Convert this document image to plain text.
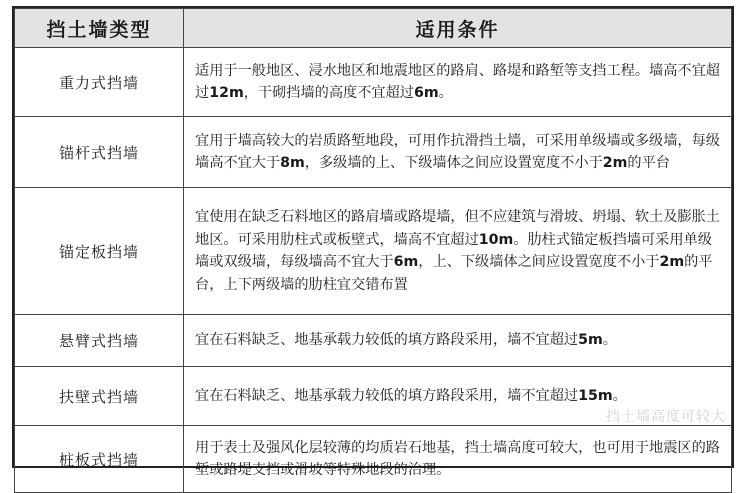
挡土墙类型	适用条件
重力式挡墙	适用于一般地区、浸水地区和地震地区的路肩、路堤和路堑等支挡工程。墙高不宜超过12m，干砌挡墙的高度不宜超过6m。
锚杆式挡墙	宜用于墙高较大的岩质路堑地段，可用作抗滑挡土墙，可采用单级墙或多级墙，每级墙高不宜大于8m，多级墙的上、下级墙体之间应设置宽度不小于2m的平台
锚定板挡墙	宜使用在缺乏石料地区的路肩墙或路堤墙，但不应建筑与滑坡、坍塌、软土及膨胀土地区。可采用肋柱式或板壁式，墙高不宜超过10m。肋柱式锚定板挡墙可采用单级墙或双级墙，每级墙高不宜大于6m，上、下级墙体之间应设置宽度不小于2m的平台，上下两级墙的肋柱宜交错布置
悬臂式挡墙	宜在石料缺乏、地基承载力较低的填方路段采用，墙不宜超过5m。
扶壁式挡墙	宜在石料缺乏、地基承载力较低的填方路段采用，墙不宜超过15m。
桩板式挡墙	用于表土及强风化层较薄的均质岩石地基，挡土墙高度可较大，也可用于地震区的路堑或路堤支挡或滑坡等特殊地段的治理。
挡土墙高度可较大
